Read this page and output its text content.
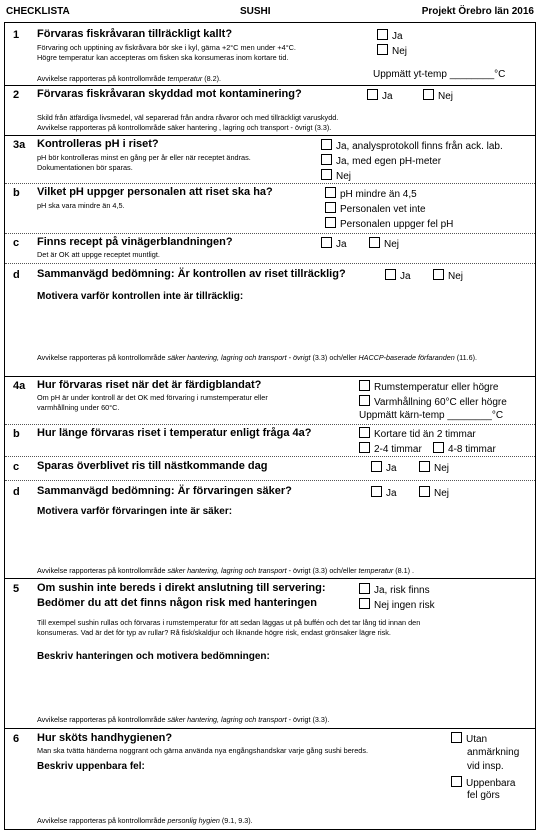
CHECKLISTA	SUSHI	Projekt Örebro län 2016
1 Förvaras fiskråvaran tillräckligt kallt?
Förvaring och upptining av fiskråvara bör ske i kyl, gärna +2°C men under +4°C.
Högre temperatur kan accepteras om fisken ska konsumeras inom kortare tid.
Avvikelse rapporteras på kontrollområde temperatur (8.2).
Ja
Nej
Uppmätt yt-temp ________°C
2 Förvaras fiskråvaran skyddad mot kontaminering?	Ja	Nej
Skild från ätfärdiga livsmedel, väl separerad från andra råvaror och med tillräckligt varuskydd.
Avvikelse rapporteras på kontrollområde säker hantering , lagring och transport - övrigt (3.3).
3a Kontrolleras pH i riset?
pH bör kontrolleras minst en gång per år eller när receptet ändras.
Dokumentationen bör sparas.
Ja, analysprotokoll finns från ack. lab.
Ja, med egen pH-meter
Nej
b Vilket pH uppger personalen att riset ska ha?
pH ska vara mindre än 4,5.
pH mindre än 4,5
Personalen vet inte
Personalen uppger fel pH
c Finns recept på vinägerblandningen?
Det är OK att uppge receptet muntligt.
Ja	Nej
d Sammanvägd bedömning: Är kontrollen av riset tillräcklig?	Ja	Nej
Motivera varför kontrollen inte är tillräcklig:
Avvikelse rapporteras på kontrollområde säker hantering, lagring och transport - övrigt (3.3) och/eller HACCP-baserade förfaranden (11.6).
4a Hur förvaras riset när det är färdigblandat?
Om pH är under kontroll är det OK med förvaring i rumstemperatur eller
varmhållning under 60°C.
Rumstemperatur eller högre
Varmhållning 60°C eller högre
Uppmätt kärn-temp ________°C
b Hur länge förvaras riset i temperatur enligt fråga 4a?	Kortare tid än 2 timmar
2-4 timmar	4-8 timmar
c Sparas överblivet ris till nästkommande dag	Ja	Nej
d Sammanvägd bedömning: Är förvaringen säker?	Ja	Nej
Motivera varför förvaringen inte är säker:
Avvikelse rapporteras på kontrollområde säker hantering, lagring och transport - övrigt (3.3) och/eller temperatur (8.1) .
5 Om sushin inte bereds i direkt anslutning till servering:
Bedömer du att det finns någon risk med hanteringen
Ja, risk finns
Nej ingen risk
Till exempel sushin rullas och förvaras i rumstemperatur för att sedan läggas ut på buffén och det tar lång tid innan den
konsumeras. Vad är det för typ av rullar? Rå fisk/skaldjur och liknande högre risk, endast grönsaker lägre risk.
Beskriv hanteringen och motivera bedömningen:
Avvikelse rapporteras på kontrollområde säker hantering, lagring och transport - övrigt (3.3).
6 Hur sköts handhygienen?
Man ska tvätta händerna noggrant och gärna använda nya engångshandskar varje gång sushi bereds.
Beskriv uppenbara fel:
Utan
anmärkning
vid insp.
Uppenbara
fel görs
Avvikelse rapporteras på kontrollområde personlig hygien (9.1, 9.3).
